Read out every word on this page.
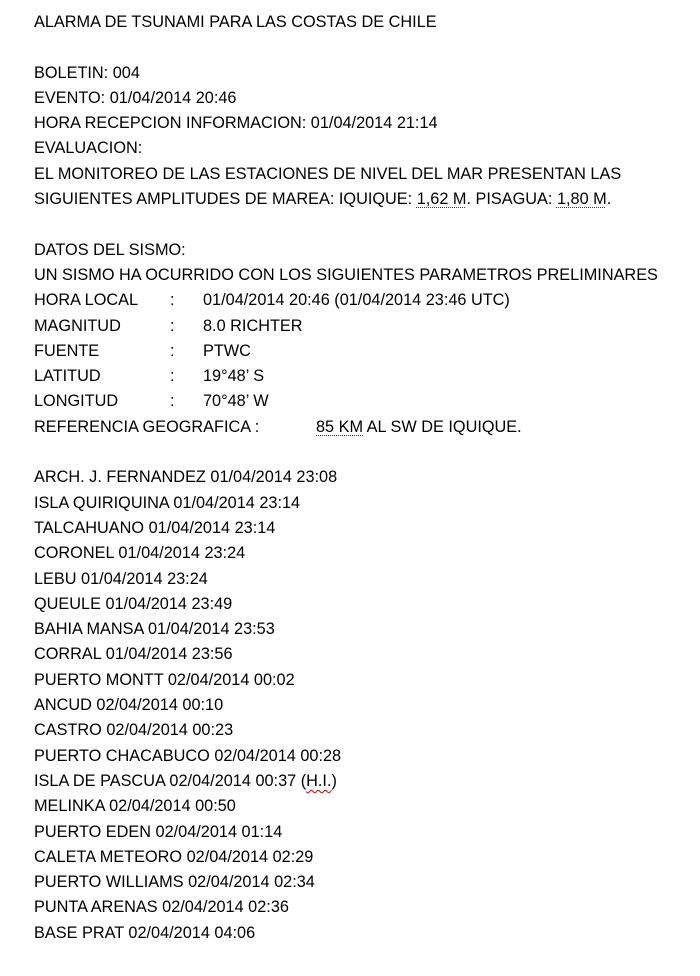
ALARMA DE TSUNAMI PARA LAS COSTAS DE CHILE
BOLETIN: 004
EVENTO: 01/04/2014 20:46
HORA RECEPCION INFORMACION: 01/04/2014 21:14
EVALUACION:
EL MONITOREO DE LAS ESTACIONES DE NIVEL DEL MAR PRESENTAN LAS
SIGUIENTES AMPLITUDES DE MAREA: IQUIQUE: 1,62 M. PISAGUA: 1,80 M.
DATOS DEL SISMO:
UN SISMO HA OCURRIDO CON LOS SIGUIENTES PARAMETROS PRELIMINARES
HORA LOCAL	:	01/04/2014 20:46 (01/04/2014 23:46 UTC)
MAGNITUD	:	8.0 RICHTER
FUENTE	:	PTWC
LATITUD	:	19°48’ S
LONGITUD	:	70°48’ W
REFERENCIA GEOGRAFICA :	85 KM AL SW DE IQUIQUE.
ARCH. J. FERNANDEZ 01/04/2014 23:08
ISLA QUIRIQUINA 01/04/2014 23:14
TALCAHUANO 01/04/2014 23:14
CORONEL 01/04/2014 23:24
LEBU 01/04/2014 23:24
QUEULE 01/04/2014 23:49
BAHIA MANSA 01/04/2014 23:53
CORRAL 01/04/2014 23:56
PUERTO MONTT 02/04/2014 00:02
ANCUD 02/04/2014 00:10
CASTRO 02/04/2014 00:23
PUERTO CHACABUCO 02/04/2014 00:28
ISLA DE PASCUA 02/04/2014 00:37 (H.I.)
MELINKA 02/04/2014 00:50
PUERTO EDEN 02/04/2014 01:14
CALETA METEORO 02/04/2014 02:29
PUERTO WILLIAMS 02/04/2014 02:34
PUNTA ARENAS 02/04/2014 02:36
BASE PRAT 02/04/2014 04:06
